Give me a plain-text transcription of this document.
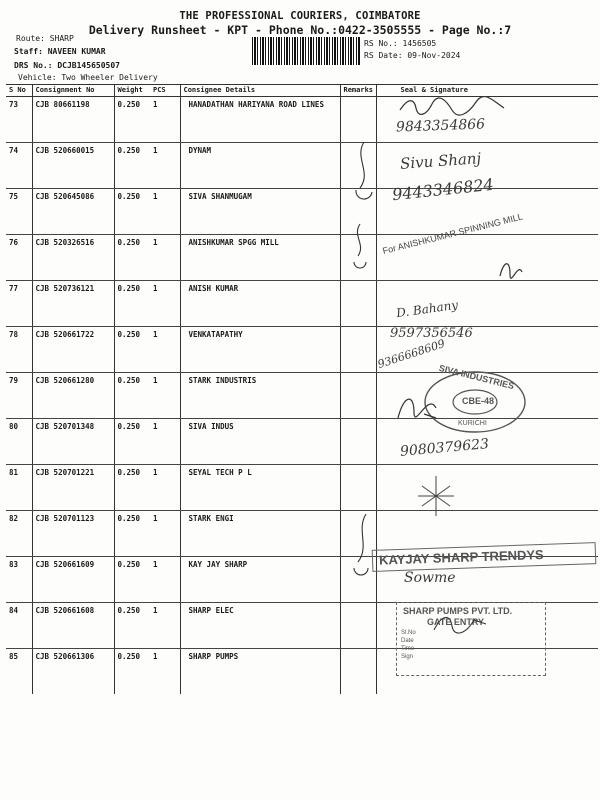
THE PROFESSIONAL COURIERS, COIMBATORE
Delivery Runsheet - KPT - Phone No.:0422-3505555 - Page No.:7
Route: SHARP
Staff: NAVEEN KUMAR
DRS No.: DCJB145650507
Vehicle: Two Wheeler Delivery
RS No.: 1456505
RS Date: 09-Nov-2024
S No	Consignment No	Weight	PCS	Consignee Details	Remarks	Seal & Signature
73	CJB 80661198	0.250	1	HANADATHAN HARIYANA ROAD LINES		
74	CJB 520660015	0.250	1	DYNAM		
75	CJB 520645086	0.250	1	SIVA SHANMUGAM		
76	CJB 520326516	0.250	1	ANISHKUMAR SPGG MILL		
77	CJB 520736121	0.250	1	ANISH KUMAR		
78	CJB 520661722	0.250	1	VENKATAPATHY		
79	CJB 520661280	0.250	1	STARK INDUSTRIS		
80	CJB 520701348	0.250	1	SIVA INDUS		
81	CJB 520701221	0.250	1	SEYAL TECH P L		
82	CJB 520701123	0.250	1	STARK ENGI		
83	CJB 520661609	0.250	1	KAY JAY SHARP		
84	CJB 520661608	0.250	1	SHARP ELEC		
85	CJB 520661306	0.250	1	SHARP PUMPS		
9843354866
Sivu Shanj
9443346824
For ANISHKUMAR SPINNING MILL
D. Bahany
9597356546
9366668609
SIVA INDUSTRIES
CBE-48
KURICHI
9080379623
KAYJAY SHARP TRENDYS
Sowme
SHARP PUMPS PVT. LTD.
GATE ENTRY
Sl.No
Date
Time
Sign
